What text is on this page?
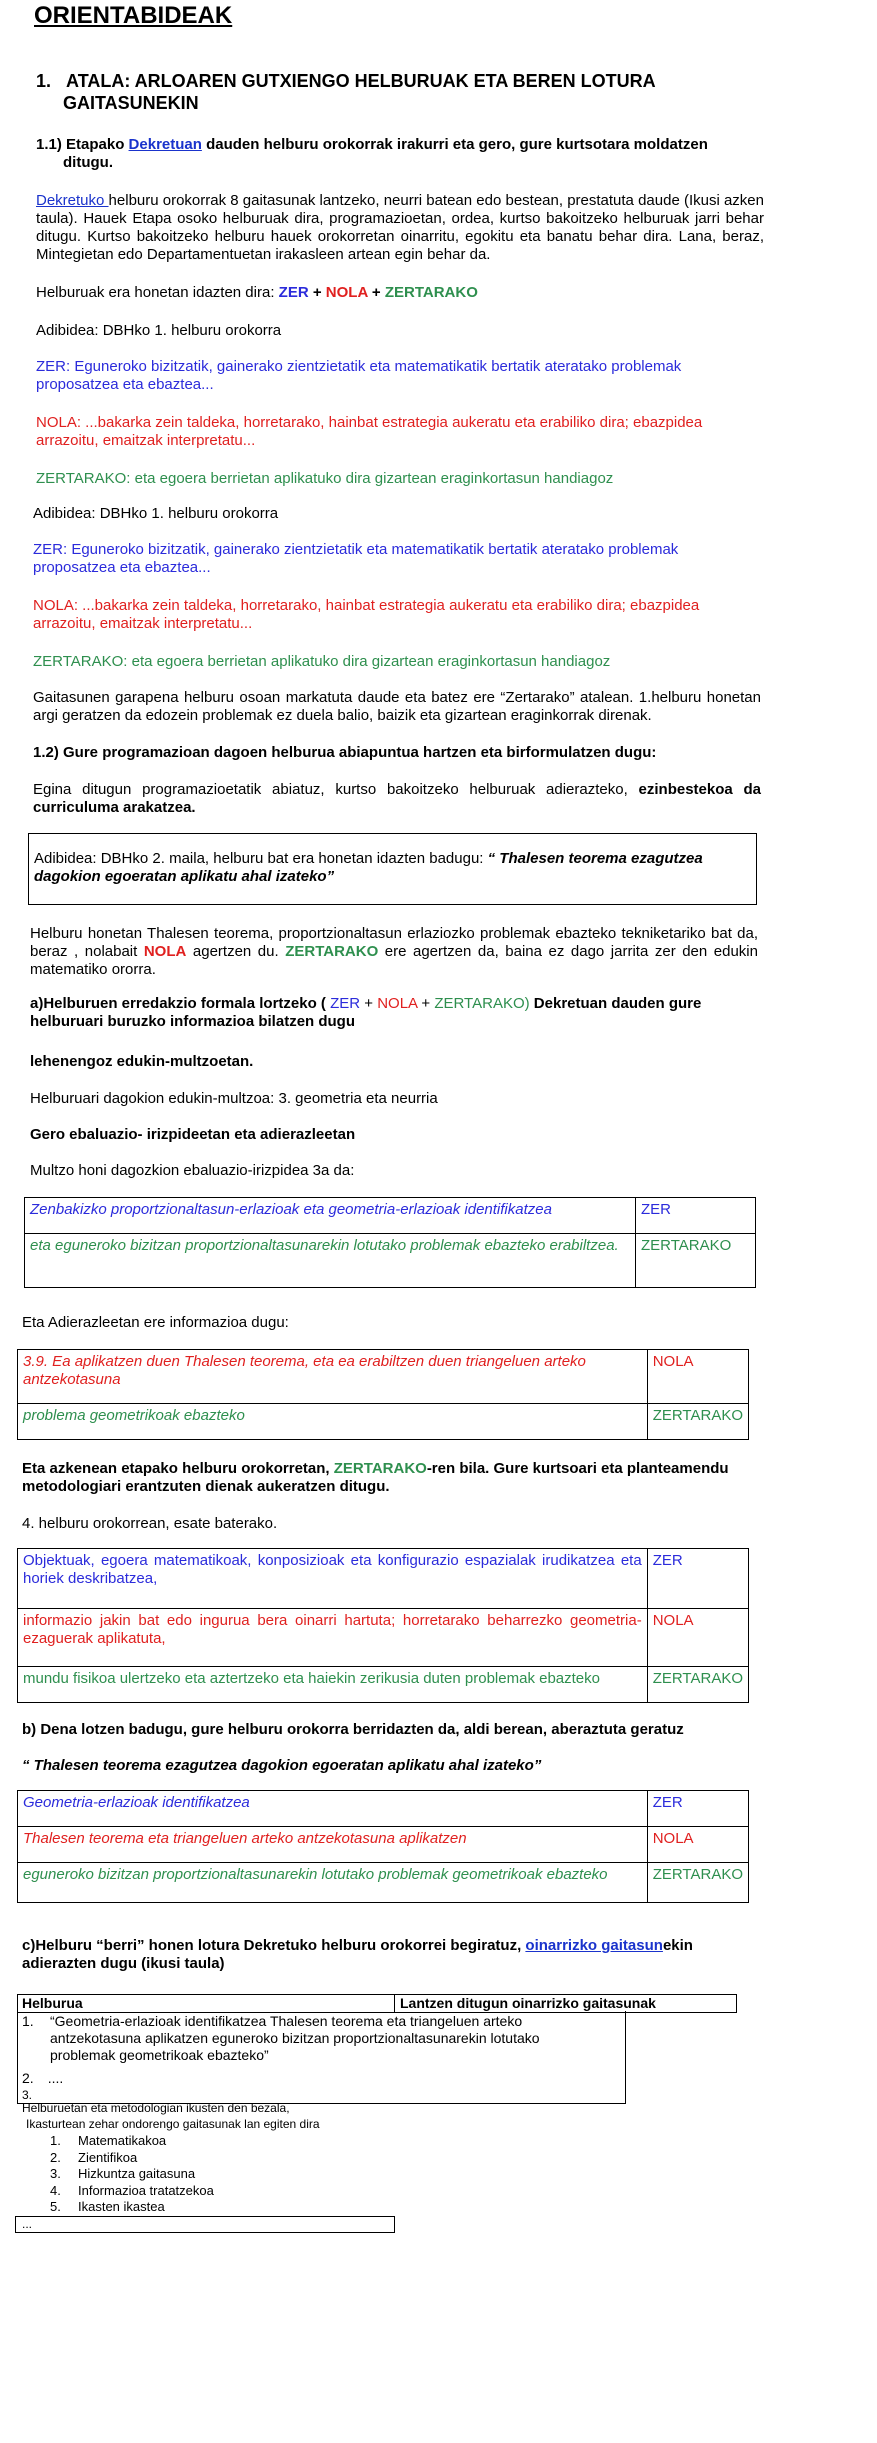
ORIENTABIDEAK
1. ATALA: ARLOAREN GUTXIENGO HELBURUAK ETA BEREN LOTURA
GAITASUNEKIN
1.1) Etapako Dekretuan dauden helburu orokorrak irakurri eta gero, gure kurtsotara moldatzen
ditugu.
Dekretuko helburu orokorrak 8 gaitasunak lantzeko, neurri batean edo bestean, prestatuta daude (Ikusi azken taula). Hauek Etapa osoko helburuak dira, programazioetan, ordea, kurtso bakoitzeko helburuak jarri behar ditugu. Kurtso bakoitzeko helburu hauek orokorretan oinarritu, egokitu eta banatu behar dira. Lana, beraz, Mintegietan edo Departamentuetan irakasleen artean egin behar da.
Helburuak era honetan idazten dira: ZER + NOLA + ZERTARAKO
Adibidea: DBHko 1. helburu orokorra
ZER: Eguneroko bizitzatik, gainerako zientzietatik eta matematikatik bertatik ateratako problemak proposatzea eta ebaztea...
NOLA: ...bakarka zein taldeka, horretarako, hainbat estrategia aukeratu eta erabiliko dira; ebazpidea arrazoitu, emaitzak interpretatu...
ZERTARAKO: eta egoera berrietan aplikatuko dira gizartean eraginkortasun handiagoz
Adibidea: DBHko 1. helburu orokorra
ZER: Eguneroko bizitzatik, gainerako zientzietatik eta matematikatik bertatik ateratako problemak proposatzea eta ebaztea...
NOLA: ...bakarka zein taldeka, horretarako, hainbat estrategia aukeratu eta erabiliko dira; ebazpidea arrazoitu, emaitzak interpretatu...
ZERTARAKO: eta egoera berrietan aplikatuko dira gizartean eraginkortasun handiagoz
Gaitasunen garapena helburu osoan markatuta daude eta batez ere “Zertarako” atalean. 1.helburu honetan argi geratzen da edozein problemak ez duela balio, baizik eta gizartean eraginkorrak direnak.
1.2) Gure programazioan dagoen helburua abiapuntua hartzen eta birformulatzen dugu:
Egina ditugun programazioetatik abiatuz, kurtso bakoitzeko helburuak adierazteko, ezinbestekoa da curriculuma arakatzea.
Adibidea: DBHko 2. maila, helburu bat era honetan idazten badugu: “ Thalesen teorema ezagutzea dagokion egoeratan aplikatu ahal izateko”
Helburu honetan Thalesen teorema, proportzionaltasun erlaziozko problemak ebazteko tekniketariko bat da, beraz , nolabait NOLA agertzen du. ZERTARAKO ere agertzen da, baina ez dago jarrita zer den edukin matematiko ororra.
a)Helburuen erredakzio formala lortzeko ( ZER + NOLA + ZERTARAKO) Dekretuan dauden gure helburuari buruzko informazioa bilatzen dugu
lehenengoz edukin-multzoetan.
Helburuari dagokion edukin-multzoa: 3. geometria eta neurria
Gero ebaluazio- irizpideetan eta adierazleetan
Multzo honi dagozkion ebaluazio-irizpidea 3a da:
Zenbakizko proportzionaltasun-erlazioak eta geometria-erlazioak identifikatzea	ZER
eta eguneroko bizitzan proportzionaltasunarekin lotutako problemak ebazteko erabiltzea.	ZERTARAKO
Eta Adierazleetan ere informazioa dugu:
3.9. Ea aplikatzen duen Thalesen teorema, eta ea erabiltzen duen triangeluen arteko antzekotasuna	NOLA
problema geometrikoak ebazteko	ZERTARAKO
Eta azkenean etapako helburu orokorretan, ZERTARAKO-ren bila. Gure kurtsoari eta planteamendu metodologiari erantzuten dienak aukeratzen ditugu.
4. helburu orokorrean, esate baterako.
Objektuak, egoera matematikoak, konposizioak eta konfigurazio espazialak irudikatzea eta horiek deskribatzea,	ZER
informazio jakin bat edo ingurua bera oinarri hartuta; horretarako beharrezko geometria-ezaguerak aplikatuta,	NOLA
mundu fisikoa ulertzeko eta aztertzeko eta haiekin zerikusia duten problemak ebazteko	ZERTARAKO
b) Dena lotzen badugu, gure helburu orokorra berridazten da, aldi berean, aberaztuta geratuz
“ Thalesen teorema ezagutzea dagokion egoeratan aplikatu ahal izateko”
Geometria-erlazioak identifikatzea	ZER
Thalesen teorema eta triangeluen arteko antzekotasuna aplikatzen	NOLA
eguneroko bizitzan proportzionaltasunarekin lotutako problemak geometrikoak ebazteko	ZERTARAKO
c)Helburu “berri” honen lotura Dekretuko helburu orokorrei begiratuz, oinarrizko gaitasunekin adierazten dugu (ikusi taula)
Helburua	Lantzen ditugun oinarrizko gaitasunak
1. “Geometria-erlazioak identifikatzea Thalesen teorema eta triangeluen arteko antzekotasuna aplikatzen eguneroko bizitzan proportzionaltasunarekin lotutako problemak geometrikoak ebazteko”
2. ....
3.
Helburuetan eta metodologian ikusten den bezala,
Ikasturtean zehar ondorengo gaitasunak lan egiten dira
1. Matematikakoa
2. Zientifikoa
3. Hizkuntza gaitasuna
4. Informazioa tratatzekoa
5. Ikasten ikastea
...
